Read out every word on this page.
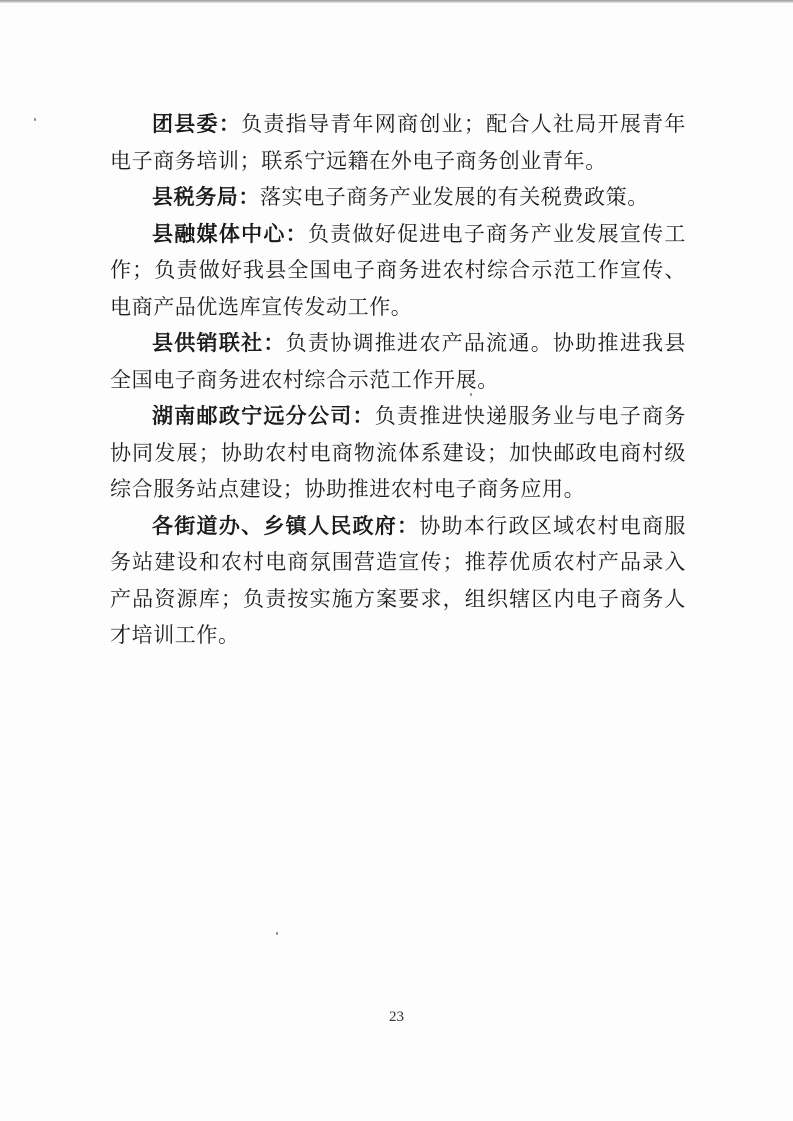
团县委：负责指导青年网商创业；配合人社局开展青年电子商务培训；联系宁远籍在外电子商务创业青年。

县税务局：落实电子商务产业发展的有关税费政策。

县融媒体中心：负责做好促进电子商务产业发展宣传工作；负责做好我县全国电子商务进农村综合示范工作宣传、电商产品优选库宣传发动工作。

县供销联社：负责协调推进农产品流通。协助推进我县全国电子商务进农村综合示范工作开展。

湖南邮政宁远分公司：负责推进快递服务业与电子商务协同发展；协助农村电商物流体系建设；加快邮政电商村级综合服务站点建设；协助推进农村电子商务应用。

各街道办、乡镇人民政府：协助本行政区域农村电商服务站建设和农村电商氛围营造宣传；推荐优质农村产品录入产品资源库；负责按实施方案要求，组织辖区内电子商务人才培训工作。

23
